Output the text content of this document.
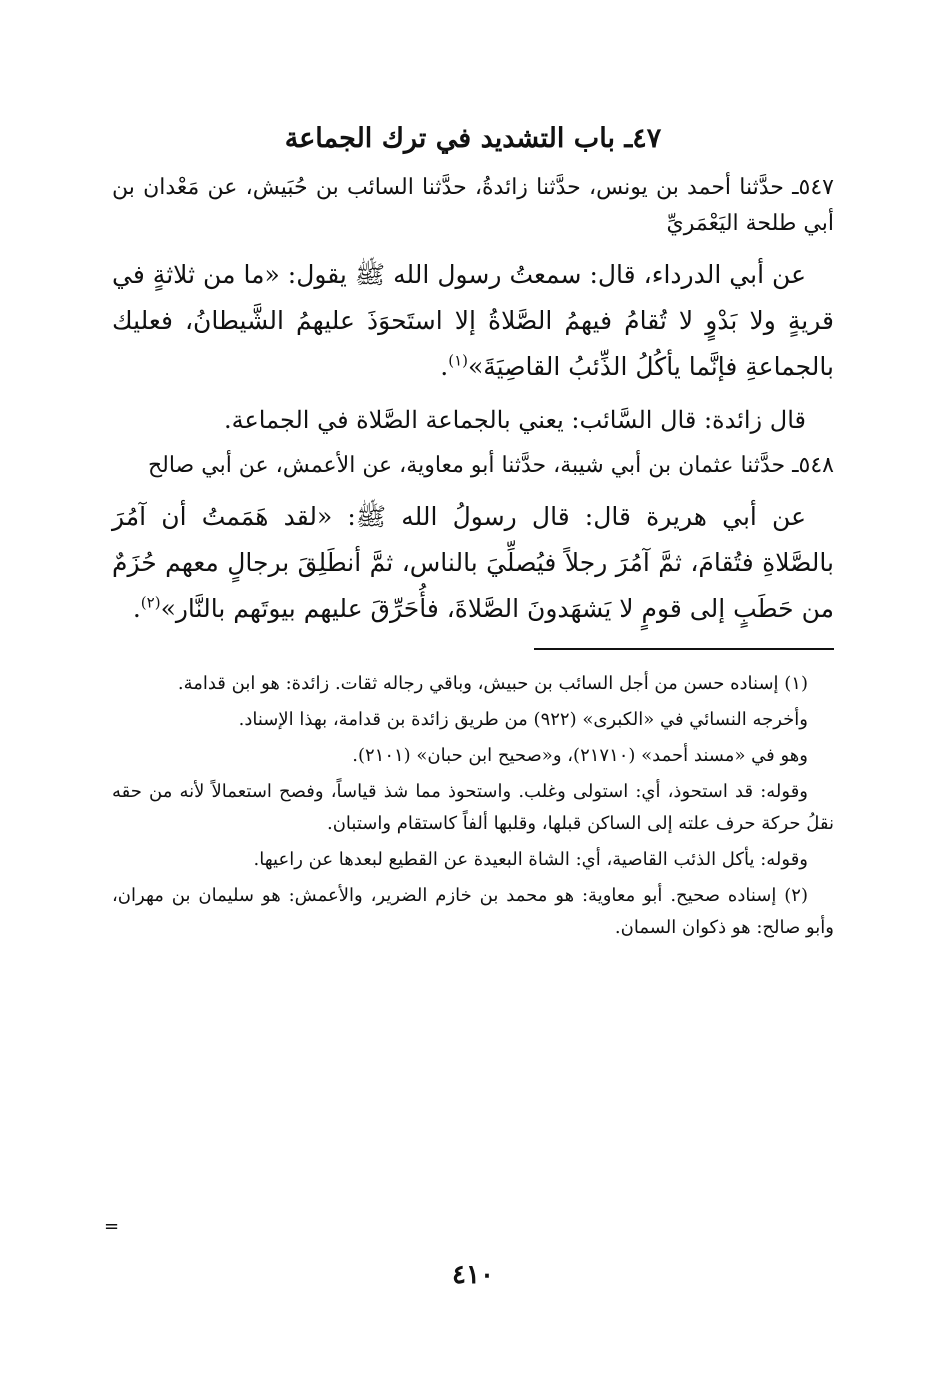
٤٧ـ باب التشديد في ترك الجماعة

٥٤٧ـ حدَّثنا أحمد بن يونس، حدَّثنا زائدةُ، حدَّثنا السائب بن حُبَيش، عن مَعْدان بن أبي طلحة اليَعْمَريِّ

عن أبي الدرداء، قال: سمعتُ رسول الله ﷺ يقول: «ما من ثلاثةٍ في قريةٍ ولا بَدْوٍ لا تُقامُ فيهمُ الصَّلاةُ إلا استَحوَذَ عليهمُ الشَّيطانُ، فعليك بالجماعةِ فإنَّما يأكُلُ الذِّئبُ القاصِيَةَ»$^{(١)}$.

قال زائدة: قال السَّائب: يعني بالجماعة الصَّلاة في الجماعة.

٥٤٨ـ حدَّثنا عثمان بن أبي شيبة، حدَّثنا أبو معاوية، عن الأعمش، عن أبي صالح

عن أبي هريرة قال: قال رسولُ الله ﷺ: «لقد هَمَمتُ أن آمُرَ بالصَّلاةِ فتُقامَ، ثمَّ آمُرَ رجلاً فيُصلِّيَ بالناس، ثمَّ أنطَلِقَ برجالٍ معهم حُزَمٌ من حَطَبٍ إلى قومٍ لا يَشهَدونَ الصَّلاةَ، فأُحَرِّقَ عليهم بيوتَهم بالنَّار»$^{(٢)}$.

(١) إسناده حسن من أجل السائب بن حبيش، وباقي رجاله ثقات. زائدة: هو ابن قدامة.

وأخرجه النسائي في «الكبرى» (٩٢٢) من طريق زائدة بن قدامة، بهذا الإسناد.

وهو في «مسند أحمد» (٢١٧١٠)، و«صحيح ابن حبان» (٢١٠١).

وقوله: قد استحوذ، أي: استولى وغلب. واستحوذ مما شذ قياساً، وفصح استعمالاً لأنه من حقه نقلُ حركة حرف علته إلى الساكن قبلها، وقلبها ألفاً كاستقام واستبان.

وقوله: يأكل الذئب القاصية، أي: الشاة البعيدة عن القطيع لبعدها عن راعيها.

(٢) إسناده صحيح. أبو معاوية: هو محمد بن خازم الضرير، والأعمش: هو سليمان بن مهران، وأبو صالح: هو ذكوان السمان.

=
٤١٠
